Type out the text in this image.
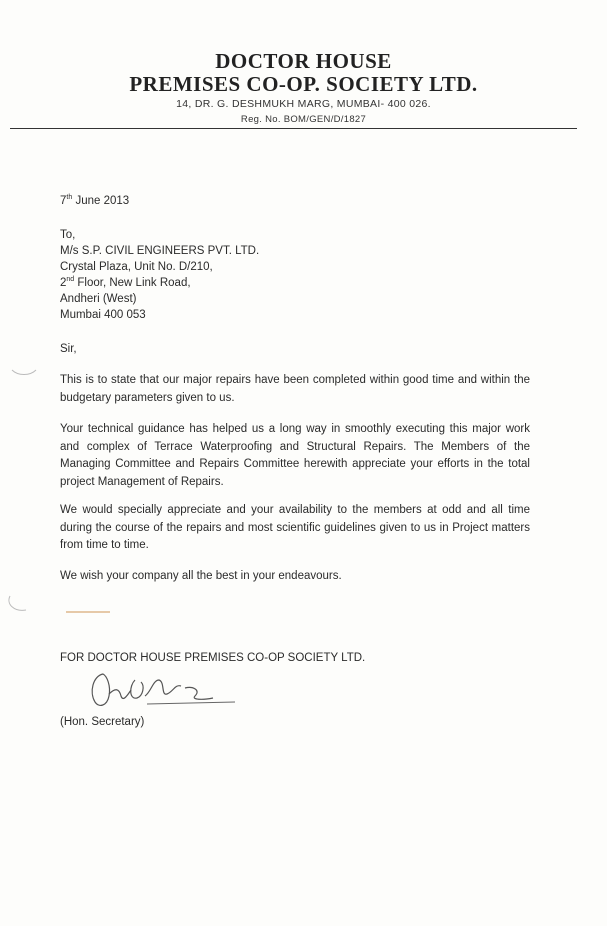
DOCTOR HOUSE
PREMISES CO-OP. SOCIETY LTD.
14, DR. G. DESHMUKH MARG, MUMBAI- 400 026.
Reg. No. BOM/GEN/D/1827
7th June 2013
To,
M/s S.P. CIVIL ENGINEERS PVT. LTD.
Crystal Plaza, Unit No. D/210,
2nd Floor, New Link Road,
Andheri (West)
Mumbai 400 053
Sir,
This is to state that our major repairs have been completed within good time and within the budgetary parameters given to us.
Your technical guidance has helped us a long way in smoothly executing this major work and complex of Terrace Waterproofing and Structural Repairs. The Members of the Managing Committee and Repairs Committee herewith appreciate your efforts in the total project Management of Repairs.
We would specially appreciate and your availability to the members at odd and all time during the course of the repairs and most scientific guidelines given to us in Project matters from time to time.
We wish your company all the best in your endeavours.
FOR DOCTOR HOUSE PREMISES CO-OP SOCIETY LTD.
(Hon. Secretary)
